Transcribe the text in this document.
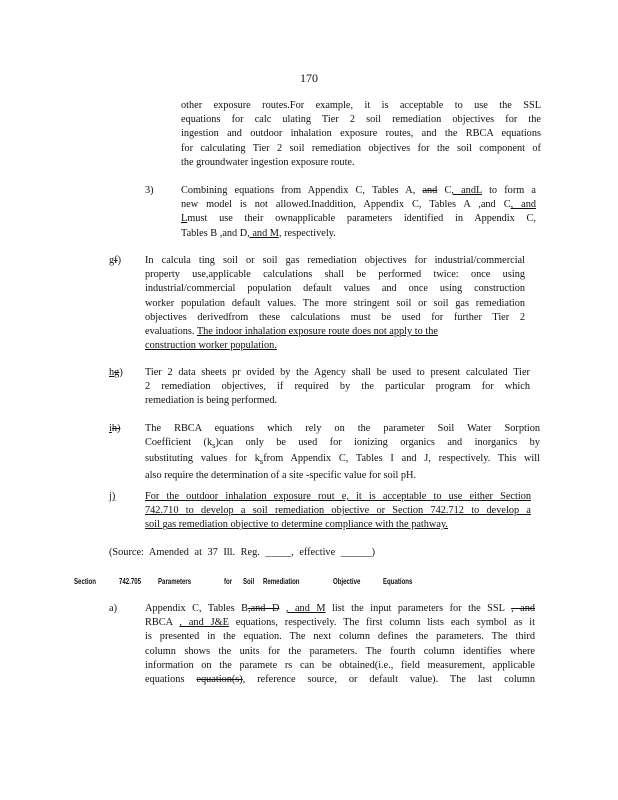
170
other exposure routes.For example, it is acceptable to use the SSL
equations for calc ulating Tier 2 soil remediation objectives for the
ingestion and outdoor inhalation exposure routes, and the RBCA equations
for calculating Tier 2 soil remediation objectives for the soil component of
the groundwater ingestion exposure route.
3)	Combining equations from Appendix C, Tables A, and C, andL to form a
new model is not allowed.Inaddition, Appendix C, Tables A ,and C, and
Lmust use their ownapplicable parameters identified in Appendix C,
Tables B ,and D, and M, respectively.
gf) In calcula ting soil or soil gas remediation objectives for industrial/commercial
property use,applicable calculations shall be performed twice: once using
industrial/commercial population default values and once using construction
worker population default values. The more stringent soil or soil gas remediation
objectives derivedfrom these calculations must be used for further Tier 2
evaluations. The indoor inhalation exposure route does not apply to the
construction worker population.
hg) Tier 2 data sheets pr ovided by the Agency shall be used to present calculated Tier
2 remediation objectives, if required by the particular program for which
remediation is being performed.
ih) The RBCA equations which rely on the parameter Soil Water Sorption
Coefficient $(k_s)can$ only be used for ionizing organics and inorganics by
substituting values for $k_sfrom$ Appendix C, Tables I and J, respectively. This will
also require the determination of a site -specific value for soil pH.
j)	For the outdoor inhalation exposure rout e, it is acceptable to use either Section
742.710 to develop a soil remediation objective or Section 742.712 to develop a
soil gas remediation objective to determine compliance with the pathway.
(Source: Amended at 37 Ill. Reg. _____, effective ______)
Section	742.705 Parameters	for Soil Remediation	Objective	Equations
a)	Appendix C, Tables B,and D , and M list the input parameters for the SSL , and
RBCA , and J&E equations, respectively. The first column lists each symbol as it
is presented in the equation. The next column defines the parameters. The third
column shows the units for the parameters. The fourth column identifies where
information on the paramete rs can be obtained(i.e., field measurement, applicable
equations equation(s), reference source, or default value). The last column
